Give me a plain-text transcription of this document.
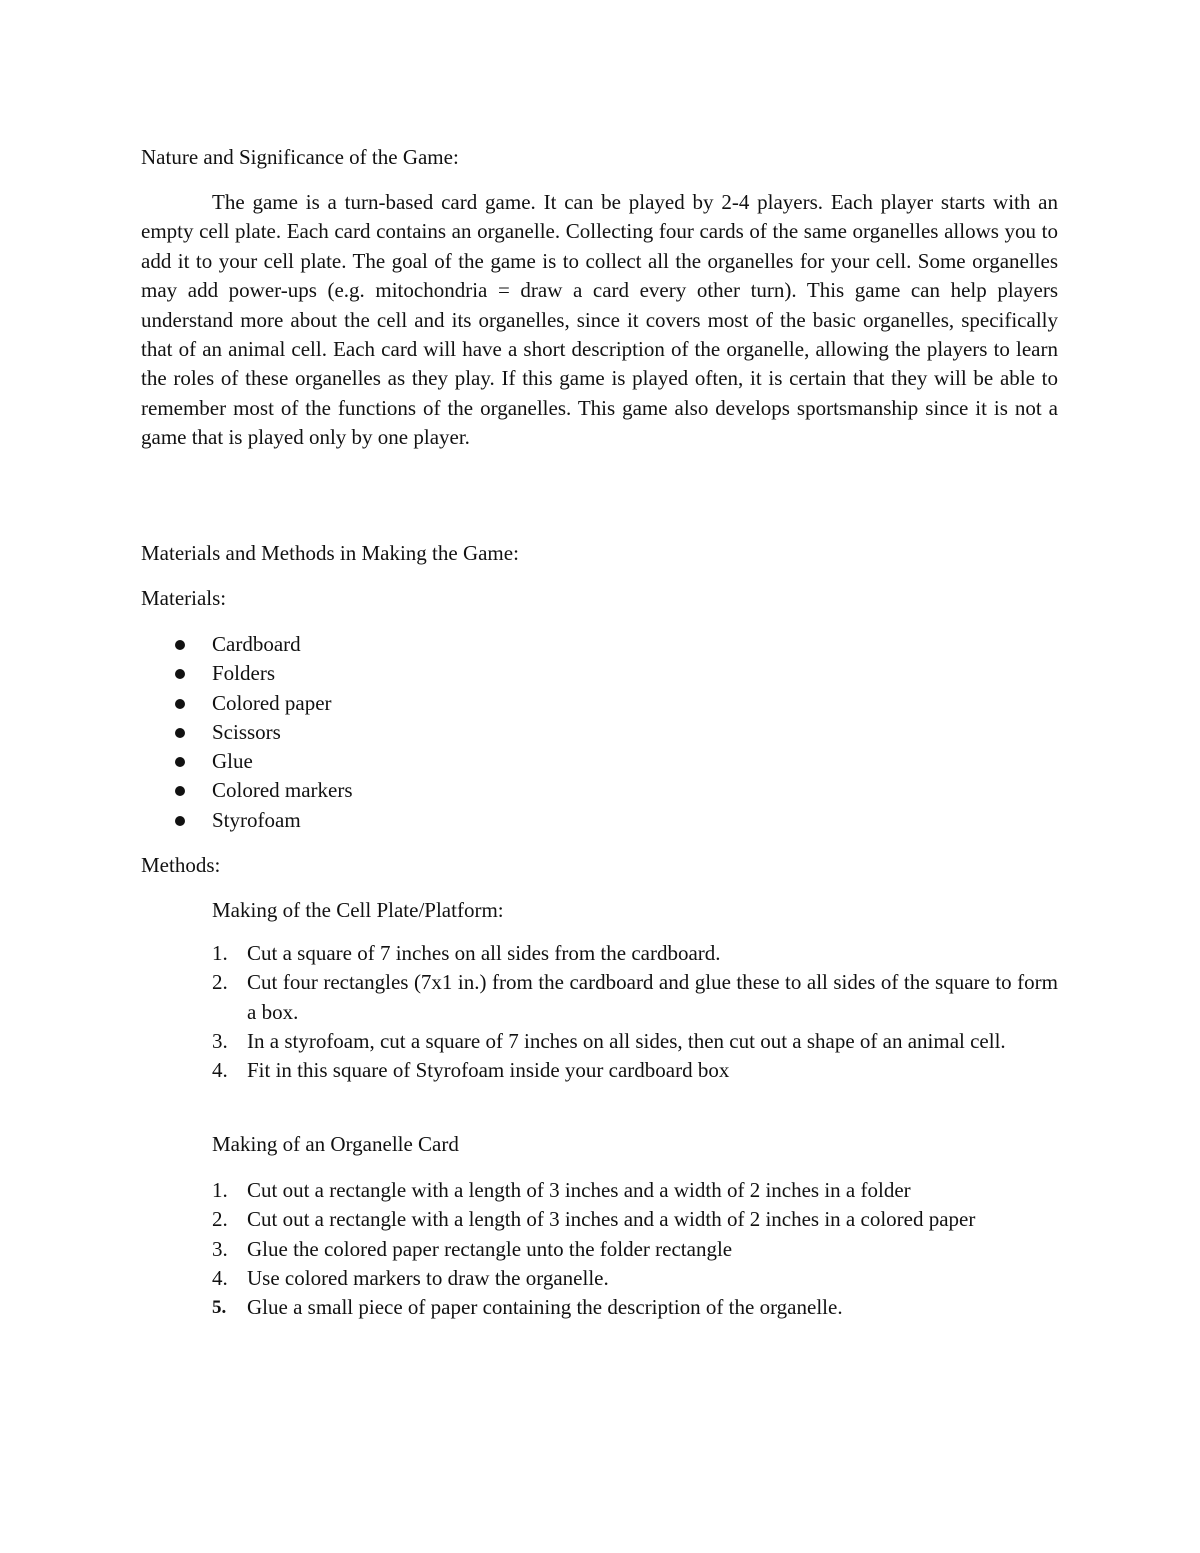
Nature and Significance of the Game:

The game is a turn-based card game. It can be played by 2-4 players. Each player starts with an empty cell plate. Each card contains an organelle. Collecting four cards of the same organelles allows you to add it to your cell plate. The goal of the game is to collect all the organelles for your cell. Some organelles may add power-ups (e.g. mitochondria = draw a card every other turn). This game can help players understand more about the cell and its organelles, since it covers most of the basic organelles, specifically that of an animal cell. Each card will have a short description of the organelle, allowing the players to learn the roles of these organelles as they play. If this game is played often, it is certain that they will be able to remember most of the functions of the organelles. This game also develops sportsmanship since it is not a game that is played only by one player.

Materials and Methods in Making the Game:
Materials:
Cardboard
Folders
Colored paper
Scissors
Glue
Colored markers
Styrofoam
Methods:
Making of the Cell Plate/Platform:
1. Cut a square of 7 inches on all sides from the cardboard.
2. Cut four rectangles (7x1 in.) from the cardboard and glue these to all sides of the square to form a box.
3. In a styrofoam, cut a square of 7 inches on all sides, then cut out a shape of an animal cell.
4. Fit in this square of Styrofoam inside your cardboard box
Making of an Organelle Card
1. Cut out a rectangle with a length of 3 inches and a width of 2 inches in a folder
2. Cut out a rectangle with a length of 3 inches and a width of 2 inches in a colored paper
3. Glue the colored paper rectangle unto the folder rectangle
4. Use colored markers to draw the organelle.
5. Glue a small piece of paper containing the description of the organelle.
